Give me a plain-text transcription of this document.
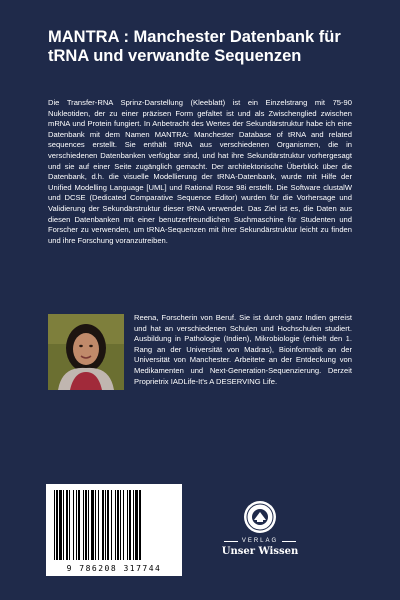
MANTRA : Manchester Datenbank für tRNA und verwandte Sequenzen

Die Transfer-RNA Sprinz-Darstellung (Kleeblatt) ist ein Einzelstrang mit 75-90 Nukleotiden, der zu einer präzisen Form gefaltet ist und als Zwischenglied zwischen mRNA und Protein fungiert. In Anbetracht des Wertes der Sekundärstruktur habe ich eine Datenbank mit dem Namen MANTRA: Manchester Database of tRNA and related sequences erstellt. Sie enthält tRNA aus verschiedenen Organismen, die in verschiedenen Datenbanken verfügbar sind, und hat ihre Sekundärstruktur vorhergesagt und sie auf einer Seite zugänglich gemacht. Der architektonische Überblick über die Datenbank, d.h. die visuelle Modellierung der tRNA-Datenbank, wurde mit Hilfe der Unified Modelling Language [UML] und Rational Rose 98i erstellt. Die Software clustalW und DCSE (Dedicated Comparative Sequence Editor) wurden für die Vorhersage und Validierung der Sekundärstruktur dieser tRNA verwendet. Das Ziel ist es, die Daten aus diesen Datenbanken mit einer benutzerfreundlichen Suchmaschine für Studenten und Forscher zu verwenden, um tRNA-Sequenzen mit ihrer Sekundärstruktur leicht zu finden und ihre Forschung voranzutreiben.

Reena, Forscherin von Beruf. Sie ist durch ganz Indien gereist und hat an verschiedenen Schulen und Hochschulen studiert. Ausbildung in Pathologie (Indien), Mikrobiologie (erhielt den 1. Rang an der Universität von Madras), Bioinformatik an der Universität von Manchester. Arbeitete an der Entdeckung von Medikamenten und Next-Generation-Sequenzierung. Derzeit Proprietrix IADLife-It's A DESERVING Life.

9 786208 317744
VERLAG
Unser Wissen
